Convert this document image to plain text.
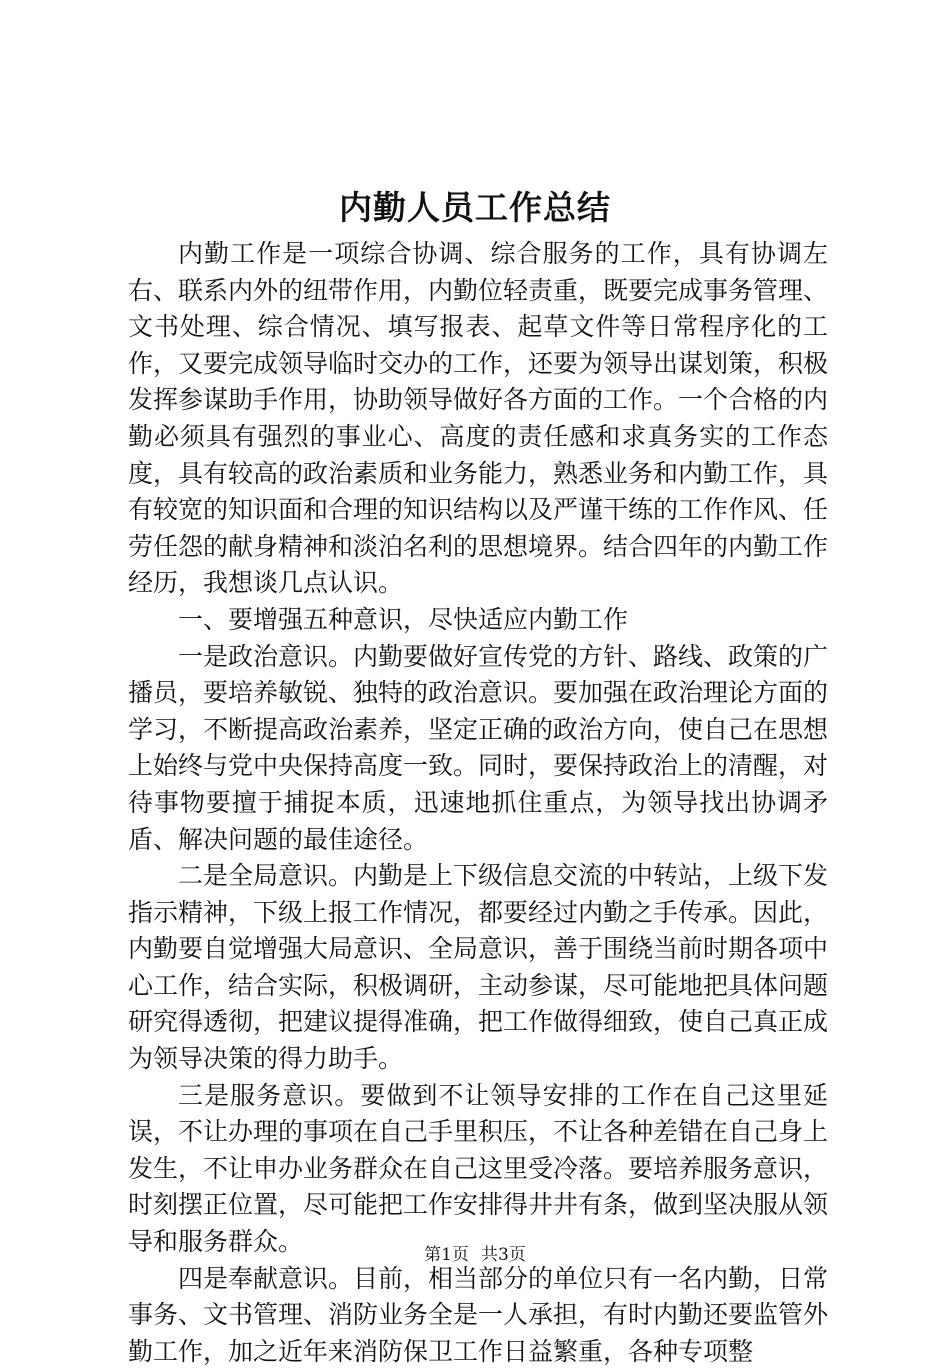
内勤人员工作总结

内勤工作是一项综合协调、综合服务的工作，具有协调左右、联系内外的纽带作用，内勤位轻责重，既要完成事务管理、文书处理、综合情况、填写报表、起草文件等日常程序化的工作，又要完成领导临时交办的工作，还要为领导出谋划策，积极发挥参谋助手作用，协助领导做好各方面的工作。一个合格的内勤必须具有强烈的事业心、高度的责任感和求真务实的工作态度，具有较高的政治素质和业务能力，熟悉业务和内勤工作，具有较宽的知识面和合理的知识结构以及严谨干练的工作作风、任劳任怨的献身精神和淡泊名利的思想境界。结合四年的内勤工作经历，我想谈几点认识。

一、要增强五种意识，尽快适应内勤工作

一是政治意识。内勤要做好宣传党的方针、路线、政策的广播员，要培养敏锐、独特的政治意识。要加强在政治理论方面的学习，不断提高政治素养，坚定正确的政治方向，使自己在思想上始终与党中央保持高度一致。同时，要保持政治上的清醒，对待事物要擅于捕捉本质，迅速地抓住重点，为领导找出协调矛盾、解决问题的最佳途径。

二是全局意识。内勤是上下级信息交流的中转站，上级下发指示精神，下级上报工作情况，都要经过内勤之手传承。因此，内勤要自觉增强大局意识、全局意识，善于围绕当前时期各项中心工作，结合实际，积极调研，主动参谋，尽可能地把具体问题研究得透彻，把建议提得准确，把工作做得细致，使自己真正成为领导决策的得力助手。

三是服务意识。要做到不让领导安排的工作在自己这里延误，不让办理的事项在自己手里积压，不让各种差错在自己身上发生，不让申办业务群众在自己这里受冷落。要培养服务意识，时刻摆正位置，尽可能把工作安排得井井有条，做到坚决服从领导和服务群众。

四是奉献意识。目前，相当部分的单位只有一名内勤，日常事务、文书管理、消防业务全是一人承担，有时内勤还要监管外勤工作，加之近年来消防保卫工作日益繁重，各种专项整

第1页 共3页
